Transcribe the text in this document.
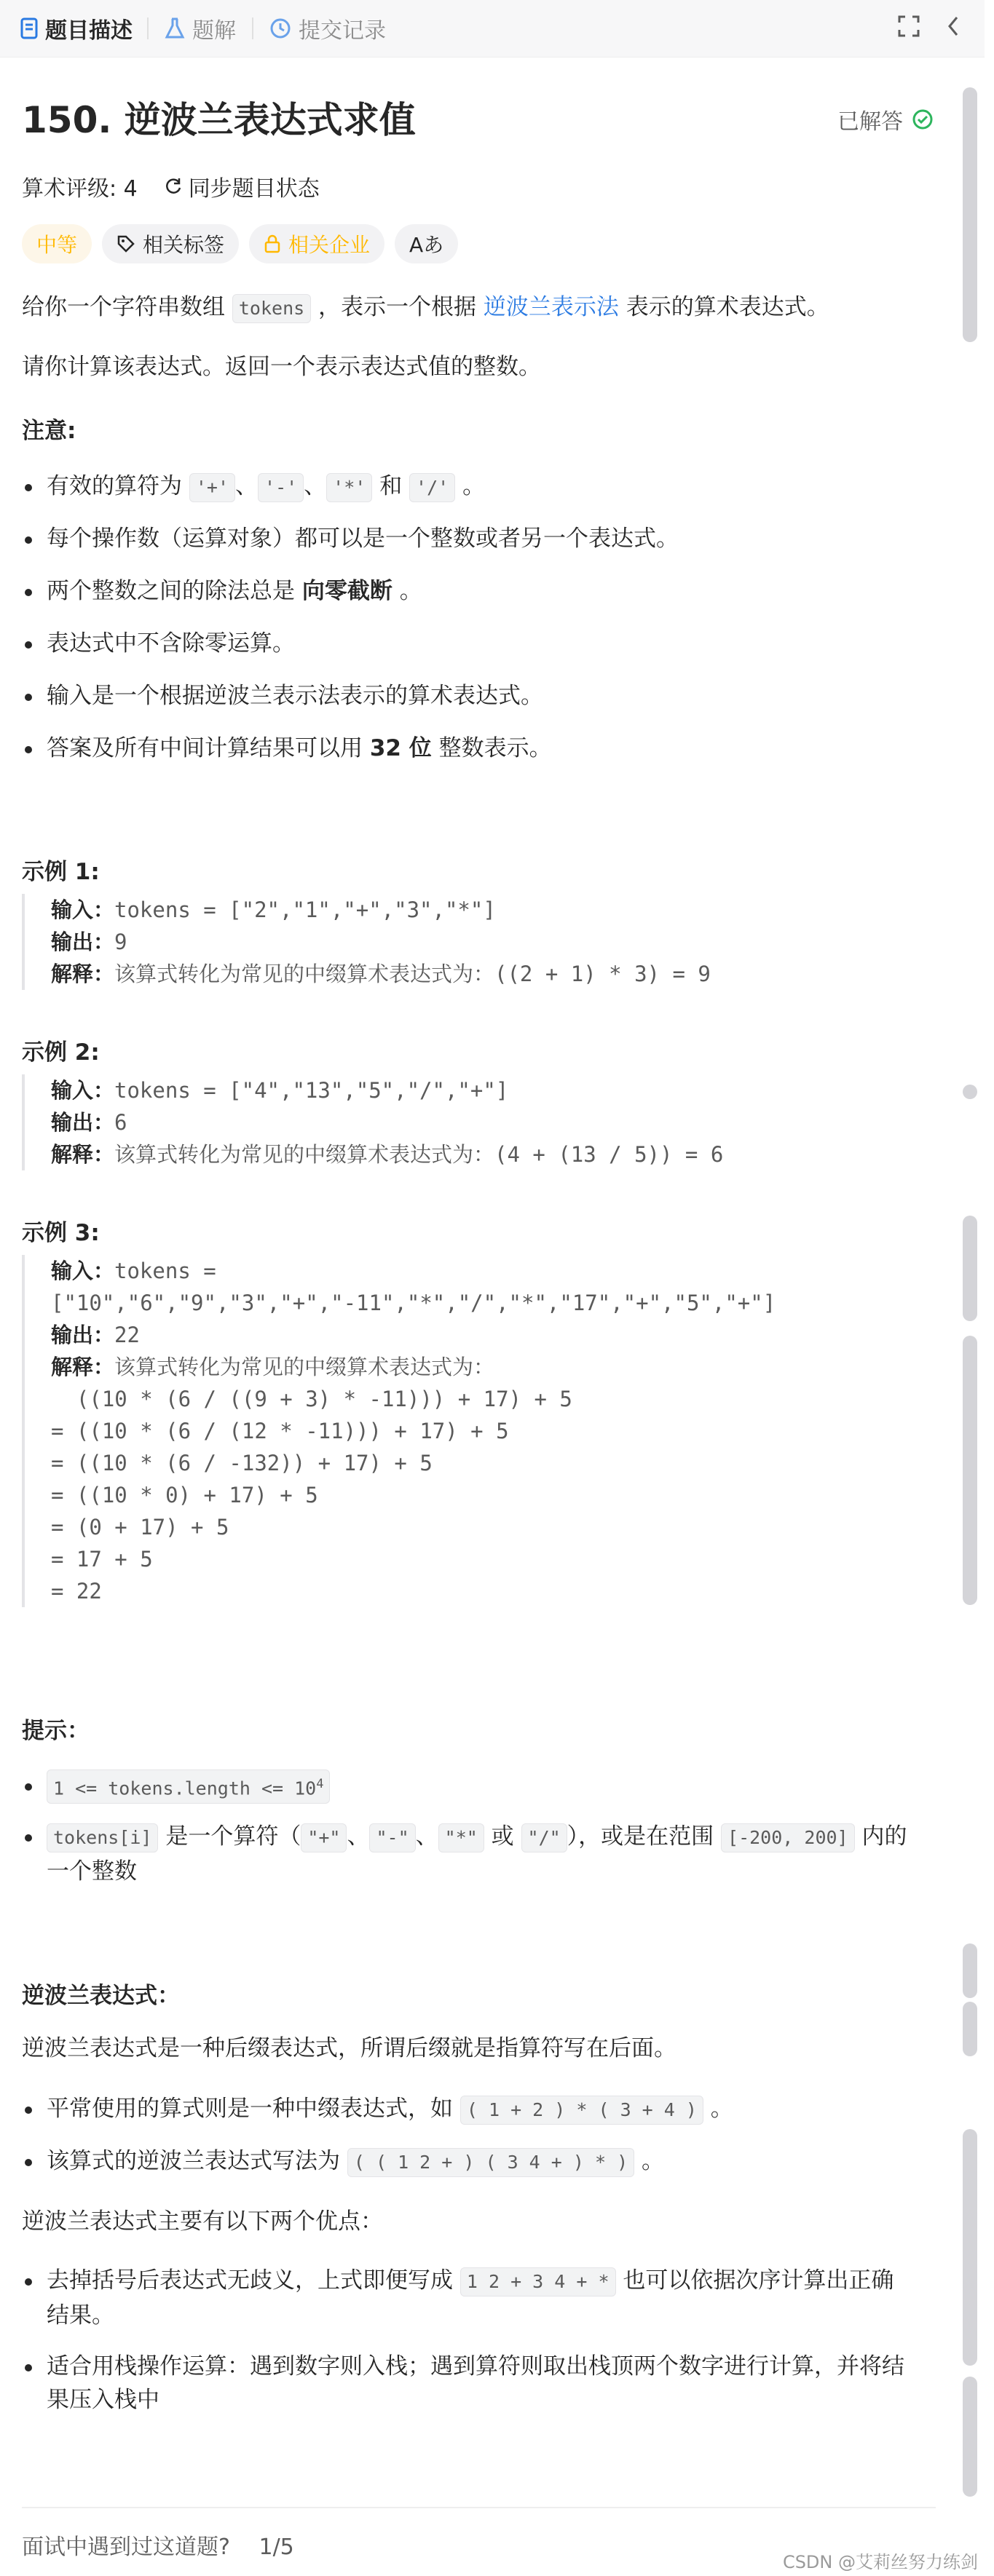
题目描述	题解	提交记录
150. 逆波兰表达式求值	已解答
算术评级: 4 同步题目状态
中等	相关标签	相关企业 Aあ
给你一个字符串数组 tokens ，表示一个根据 逆波兰表示法 表示的算术表达式。
请你计算该表达式。返回一个表示表达式值的整数。
注意:
有效的算符为 '+' 、 '-' 、 '*' 和 '/' 。
每个操作数（运算对象）都可以是一个整数或者另一个表达式。
两个整数之间的除法总是 向零截断 。
表达式中不含除零运算。
输入是一个根据逆波兰表示法表示的算术表达式。
答案及所有中间计算结果可以用 32 位 整数表示。
示例 1:
输入：tokens = ["2","1","+","3","*"]
输出：9
解释：该算式转化为常见的中缀算术表达式为：((2 + 1) * 3) = 9
示例 2:
输入：tokens = ["4","13","5","/","+"]
输出：6
解释：该算式转化为常见的中缀算术表达式为：(4 + (13 / 5)) = 6
示例 3:
输入：tokens =
["10","6","9","3","+","-11","*","/","*","17","+","5","+"]
输出：22
解释：该算式转化为常见的中缀算术表达式为：
((10 * (6 / ((9 + 3) * -11))) + 17) + 5
= ((10 * (6 / (12 * -11))) + 17) + 5
= ((10 * (6 / -132)) + 17) + 5
= ((10 * 0) + 17) + 5
= (0 + 17) + 5
= 17 + 5
= 22
提示：
1 <= tokens.length <= $10^4$
tokens[i] 是一个算符（ "+" 、 "-" 、 "*" 或 "/" ），或是在范围 [-200, 200] 内的
一个整数
逆波兰表达式：
逆波兰表达式是一种后缀表达式，所谓后缀就是指算符写在后面。
平常使用的算式则是一种中缀表达式，如 ( 1 + 2 ) * ( 3 + 4 ) 。
该算式的逆波兰表达式写法为 ( ( 1 2 + ) ( 3 4 + ) * ) 。
逆波兰表达式主要有以下两个优点：
去掉括号后表达式无歧义，上式即便写成 1 2 + 3 4 + * 也可以依据次序计算出正确
结果。
适合用栈操作运算：遇到数字则入栈；遇到算符则取出栈顶两个数字进行计算，并将结
果压入栈中
面试中遇到过这道题? 1/5
CSDN @艾莉丝努力练剑
